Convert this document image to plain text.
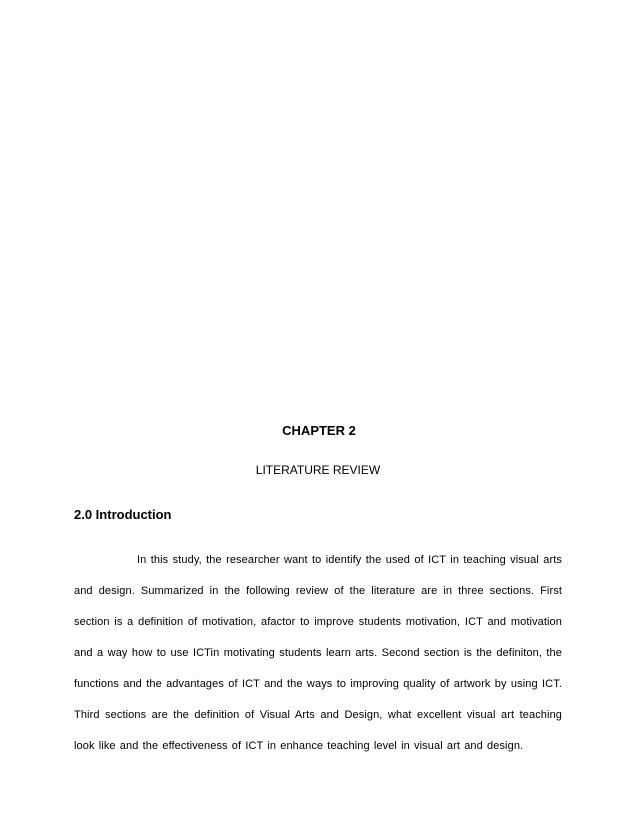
CHAPTER 2
LITERATURE REVIEW
2.0 Introduction

In this study, the researcher want to identify the used of ICT in teaching visual arts and design. Summarized in the following review of the literature are in three sections. First section is a definition of motivation, afactor to improve students motivation, ICT and motivation and a way how to use ICTin motivating students learn arts. Second section is the definiton, the functions and the advantages of ICT and the ways to improving quality of artwork by using ICT. Third sections are the definition of Visual Arts and Design, what excellent visual art teaching look like and the effectiveness of ICT in enhance teaching level in visual art and design.
